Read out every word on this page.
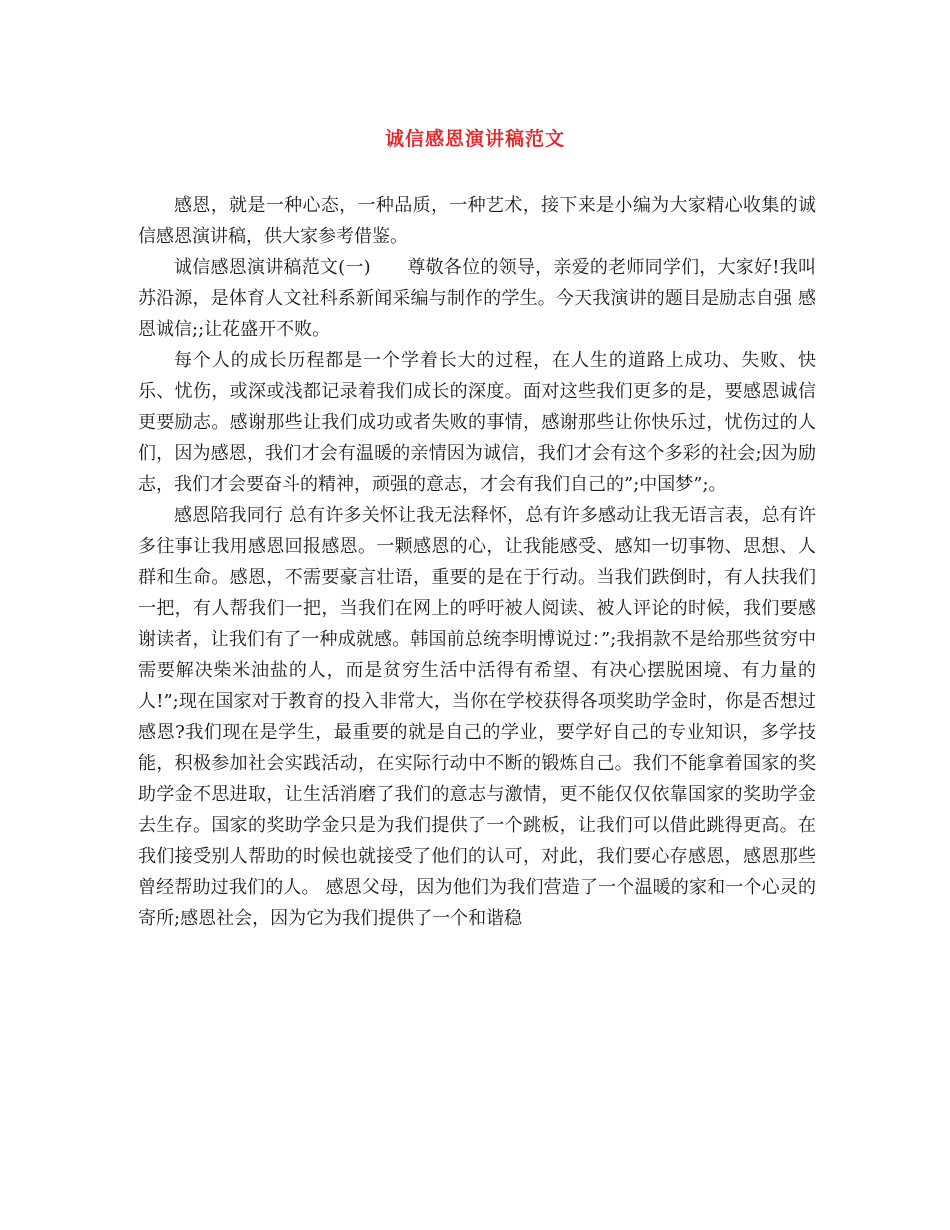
诚信感恩演讲稿范文

感恩，就是一种心态，一种品质，一种艺术，接下来是小编为大家精心收集的诚信感恩演讲稿，供大家参考借鉴。

诚信感恩演讲稿范文(一)　　尊敬各位的领导，亲爱的老师同学们，大家好!我叫苏沿源，是体育人文社科系新闻采编与制作的学生。今天我演讲的题目是励志自强 感恩诚信;;让花盛开不败。

每个人的成长历程都是一个学着长大的过程，在人生的道路上成功、失败、快乐、忧伤，或深或浅都记录着我们成长的深度。面对这些我们更多的是，要感恩诚信更要励志。感谢那些让我们成功或者失败的事情，感谢那些让你快乐过，忧伤过的人们，因为感恩，我们才会有温暖的亲情因为诚信，我们才会有这个多彩的社会;因为励志，我们才会要奋斗的精神，顽强的意志，才会有我们自己的”;中国梦”;。

感恩陪我同行 总有许多关怀让我无法释怀，总有许多感动让我无语言表，总有许多往事让我用感恩回报感恩。一颗感恩的心，让我能感受、感知一切事物、思想、人群和生命。感恩，不需要豪言壮语，重要的是在于行动。当我们跌倒时，有人扶我们一把，有人帮我们一把，当我们在网上的呼吁被人阅读、被人评论的时候，我们要感谢读者，让我们有了一种成就感。韩国前总统李明博说过：”;我捐款不是给那些贫穷中需要解决柴米油盐的人，而是贫穷生活中活得有希望、有决心摆脱困境、有力量的人!”;现在国家对于教育的投入非常大，当你在学校获得各项奖助学金时，你是否想过感恩?我们现在是学生，最重要的就是自己的学业，要学好自己的专业知识，多学技能，积极参加社会实践活动，在实际行动中不断的锻炼自己。我们不能拿着国家的奖助学金不思进取，让生活消磨了我们的意志与激情，更不能仅仅依靠国家的奖助学金去生存。国家的奖助学金只是为我们提供了一个跳板，让我们可以借此跳得更高。在我们接受别人帮助的时候也就接受了他们的认可，对此，我们要心存感恩，感恩那些曾经帮助过我们的人。 感恩父母，因为他们为我们营造了一个温暖的家和一个心灵的寄所;感恩社会，因为它为我们提供了一个和谐稳
